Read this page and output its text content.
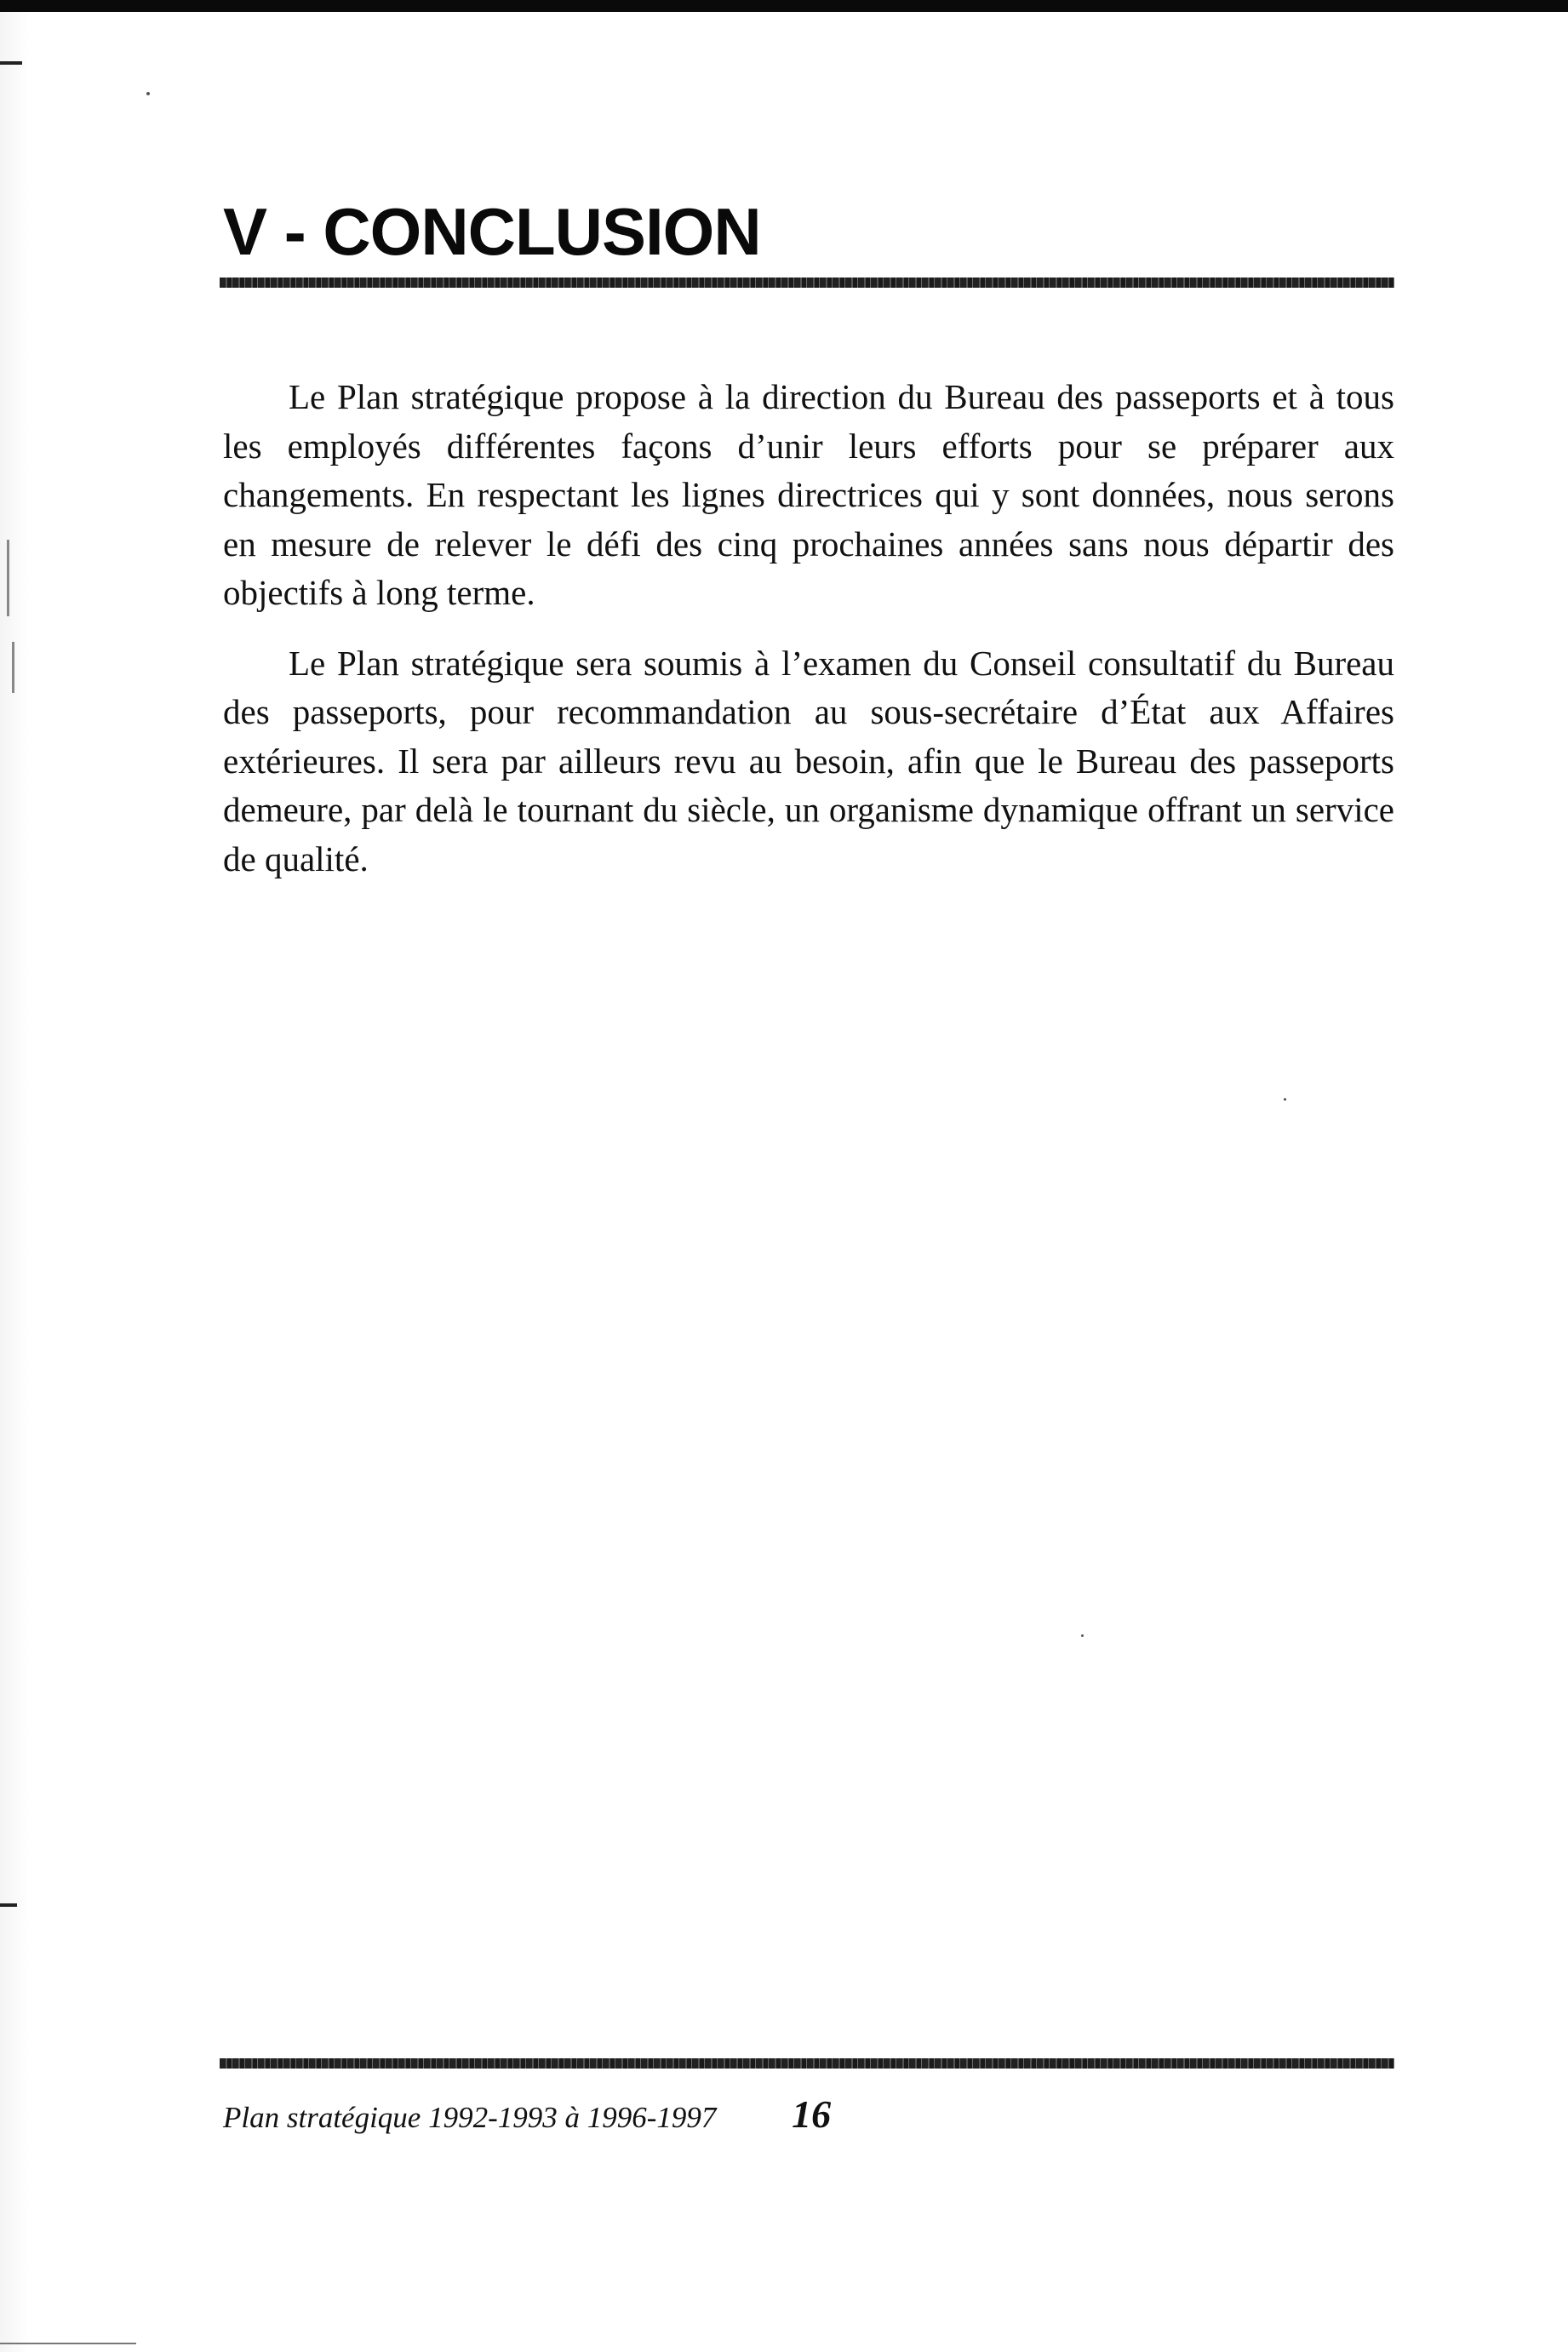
V - CONCLUSION

Le Plan stratégique propose à la direction du Bureau des passeports et à tous les employés différentes façons d’unir leurs efforts pour se préparer aux changements. En respectant les lignes directrices qui y sont données, nous serons en mesure de relever le défi des cinq prochaines années sans nous départir des objectifs à long terme.

Le Plan stratégique sera soumis à l’examen du Conseil consultatif du Bureau des passeports, pour recommandation au sous-secrétaire d’État aux Affaires extérieures. Il sera par ailleurs revu au besoin, afin que le Bureau des passeports demeure, par delà le tournant du siècle, un organisme dynamique offrant un service de qualité.

Plan stratégique 1992-1993 à 1996-1997 16
